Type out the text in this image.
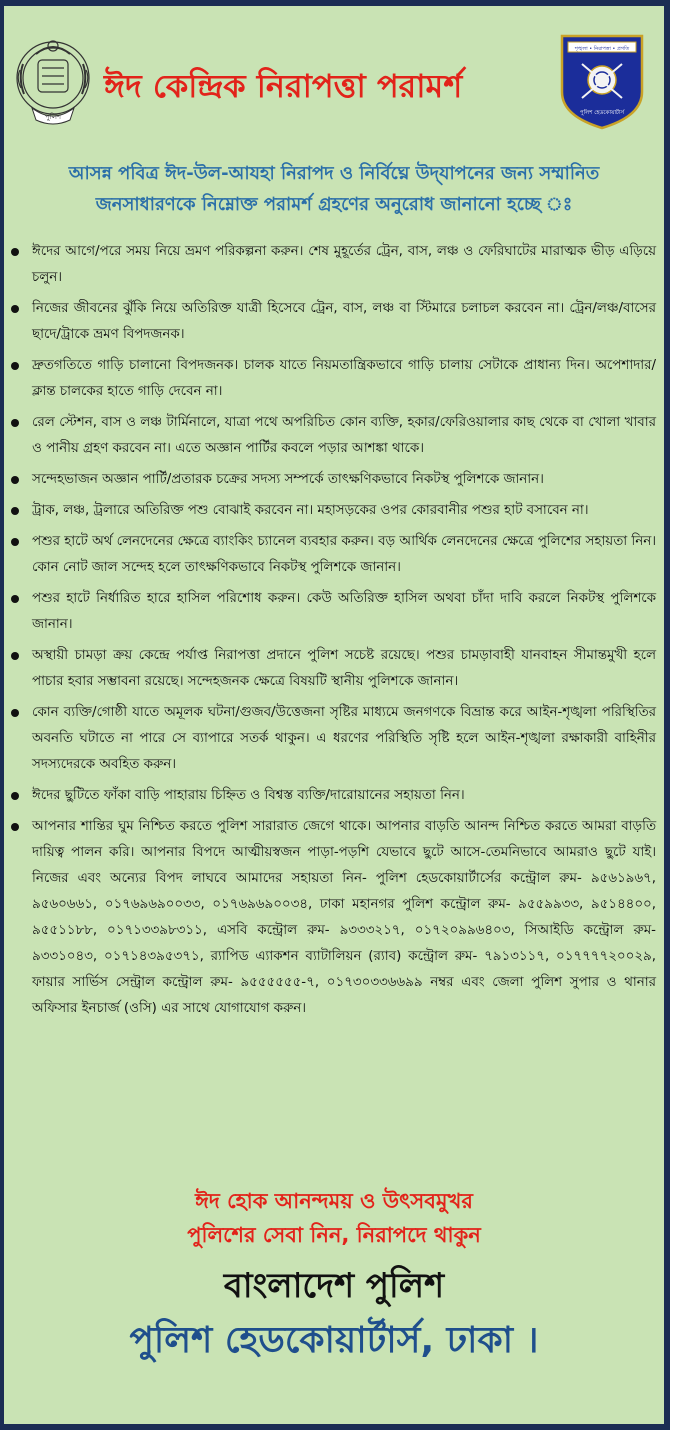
পুলিশ
ঈদ কেন্দ্রিক নিরাপত্তা পরামর্শ
শৃঙ্খলা • নিরাপত্তা • প্রগতি
পুলিশ হেডকোয়ার্টার্স
আসন্ন পবিত্র ঈদ-উল-আযহা নিরাপদ ও নির্বিঘ্নে উদ্‌যাপনের জন্য সম্মানিত
জনসাধারণকে নিম্নোক্ত পরামর্শ গ্রহণের অনুরোধ জানানো হচ্ছে ঃ
ঈদের আগে/পরে সময় নিয়ে ভ্রমণ পরিকল্পনা করুন। শেষ মুহূর্তের ট্রেন, বাস, লঞ্চ ও ফেরিঘাটের মারাত্মক ভীড় এড়িয়ে চলুন।
নিজের জীবনের ঝুঁকি নিয়ে অতিরিক্ত যাত্রী হিসেবে ট্রেন, বাস, লঞ্চ বা স্টিমারে চলাচল করবেন না। ট্রেন/লঞ্চ/বাসের ছাদে/ট্রাকে ভ্রমণ বিপদজনক।
দ্রুতগতিতে গাড়ি চালানো বিপদজনক। চালক যাতে নিয়মতান্ত্রিকভাবে গাড়ি চালায় সেটাকে প্রাধান্য দিন। অপেশাদার/ক্লান্ত চালকের হাতে গাড়ি দেবেন না।
রেল স্টেশন, বাস ও লঞ্চ টার্মিনালে, যাত্রা পথে অপরিচিত কোন ব্যক্তি, হকার/ফেরিওয়ালার কাছ থেকে বা খোলা খাবার ও পানীয় গ্রহণ করবেন না। এতে অজ্ঞান পার্টির কবলে পড়ার আশঙ্কা থাকে।
সন্দেহভাজন অজ্ঞান পার্টি/প্রতারক চক্রের সদস্য সম্পর্কে তাৎক্ষণিকভাবে নিকটস্থ পুলিশকে জানান।
ট্রাক, লঞ্চ, ট্রলারে অতিরিক্ত পশু বোঝাই করবেন না। মহাসড়কের ওপর কোরবানীর পশুর হাট বসাবেন না।
পশুর হাটে অর্থ লেনদেনের ক্ষেত্রে ব্যাংকিং চ্যানেল ব্যবহার করুন। বড় আর্থিক লেনদেনের ক্ষেত্রে পুলিশের সহায়তা নিন। কোন নোট জাল সন্দেহ হলে তাৎক্ষণিকভাবে নিকটস্থ পুলিশকে জানান।
পশুর হাটে নির্ধারিত হারে হাসিল পরিশোধ করুন। কেউ অতিরিক্ত হাসিল অথবা চাঁদা দাবি করলে নিকটস্থ পুলিশকে জানান।
অস্থায়ী চামড়া ক্রয় কেন্দ্রে পর্যাপ্ত নিরাপত্তা প্রদানে পুলিশ সচেষ্ট রয়েছে। পশুর চামড়াবাহী যানবাহন সীমান্তমুখী হলে পাচার হবার সম্ভাবনা রয়েছে। সন্দেহজনক ক্ষেত্রে বিষয়টি স্থানীয় পুলিশকে জানান।
কোন ব্যক্তি/গোষ্ঠী যাতে অমূলক ঘটনা/গুজব/উত্তেজনা সৃষ্টির মাধ্যমে জনগণকে বিভ্রান্ত করে আইন-শৃঙ্খলা পরিস্থিতির অবনতি ঘটাতে না পারে সে ব্যাপারে সতর্ক থাকুন। এ ধরণের পরিস্থিতি সৃষ্টি হলে আইন-শৃঙ্খলা রক্ষাকারী বাহিনীর সদস্যদেরকে অবহিত করুন।
ঈদের ছুটিতে ফাঁকা বাড়ি পাহারায় চিহ্নিত ও বিশ্বস্ত ব্যক্তি/দারোয়ানের সহায়তা নিন।
আপনার শান্তির ঘুম নিশ্চিত করতে পুলিশ সারারাত জেগে থাকে। আপনার বাড়তি আনন্দ নিশ্চিত করতে আমরা বাড়তি দায়িত্ব পালন করি। আপনার বিপদে আত্মীয়স্বজন পাড়া-পড়শি যেভাবে ছুটে আসে-তেমনিভাবে আমরাও ছুটে যাই। নিজের এবং অন্যের বিপদ লাঘবে আমাদের সহায়তা নিন- পুলিশ হেডকোয়ার্টার্সের কন্ট্রোল রুম- ৯৫৬১৯৬৭, ৯৫৬০৬৬১, ০১৭৬৯৬৯০০৩৩, ০১৭৬৯৬৯০০৩৪, ঢাকা মহানগর পুলিশ কন্ট্রোল রুম- ৯৫৫৯৯৩৩, ৯৫১৪৪০০, ৯৫৫১১৮৮, ০১৭১৩৩৯৮৩১১, এসবি কন্ট্রোল রুম- ৯৩৩৩২১৭, ০১৭২০৯৯৬৪০৩, সিআইডি কন্ট্রোল রুম- ৯৩৩১০৪৩, ০১৭১৪৩৯৫৩৭১, র‍্যাপিড এ্যাকশন ব্যাটালিয়ন (র‍্যাব) কন্ট্রোল রুম- ৭৯১৩১১৭, ০১৭৭৭৭২০০২৯, ফায়ার সার্ভিস সেন্ট্রাল কন্ট্রোল রুম- ৯৫৫৫৫৫৫-৭, ০১৭৩০৩৩৬৬৯৯ নম্বর এবং জেলা পুলিশ সুপার ও থানার অফিসার ইনচার্জ (ওসি) এর সাথে যোগাযোগ করুন।
ঈদ হোক আনন্দময় ও উৎসবমুখর
পুলিশের সেবা নিন, নিরাপদে থাকুন
বাংলাদেশ পুলিশ
পুলিশ হেডকোয়ার্টার্স, ঢাকা ।
